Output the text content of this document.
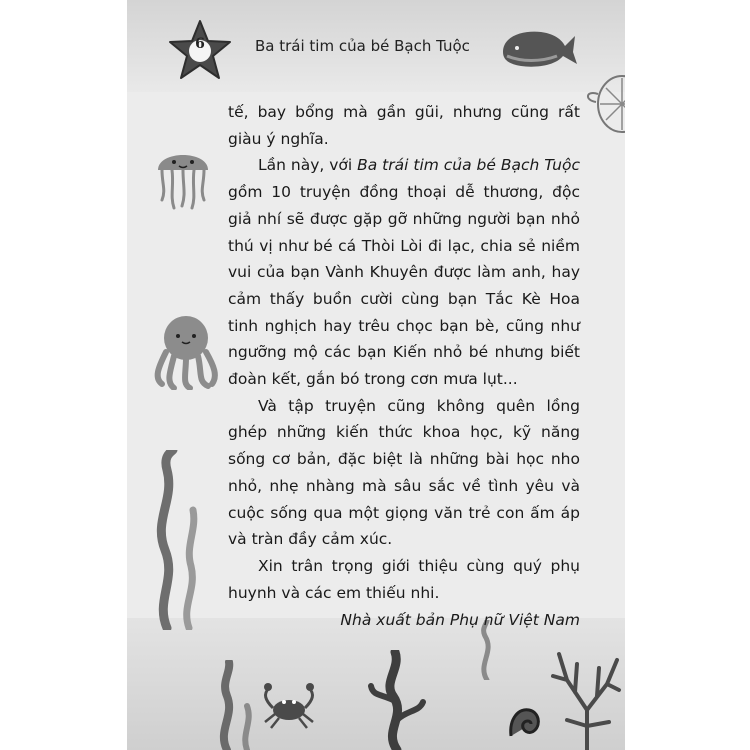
6	Ba trái tim của bé Bạch Tuộc

tế, bay bổng mà gần gũi, nhưng cũng rất giàu ý nghĩa.

Lần này, với Ba trái tim của bé Bạch Tuộc gồm 10 truyện đồng thoại dễ thương, độc giả nhí sẽ được gặp gỡ những người bạn nhỏ thú vị như bé cá Thòi Lòi đi lạc, chia sẻ niềm vui của bạn Vành Khuyên được làm anh, hay cảm thấy buồn cười cùng bạn Tắc Kè Hoa tinh nghịch hay trêu chọc bạn bè, cũng như ngưỡng mộ các bạn Kiến nhỏ bé nhưng biết đoàn kết, gắn bó trong cơn mưa lụt...

Và tập truyện cũng không quên lồng ghép những kiến thức khoa học, kỹ năng sống cơ bản, đặc biệt là những bài học nho nhỏ, nhẹ nhàng mà sâu sắc về tình yêu và cuộc sống qua một giọng văn trẻ con ấm áp và tràn đầy cảm xúc.

Xin trân trọng giới thiệu cùng quý phụ huynh và các em thiếu nhi.

Nhà xuất bản Phụ nữ Việt Nam
